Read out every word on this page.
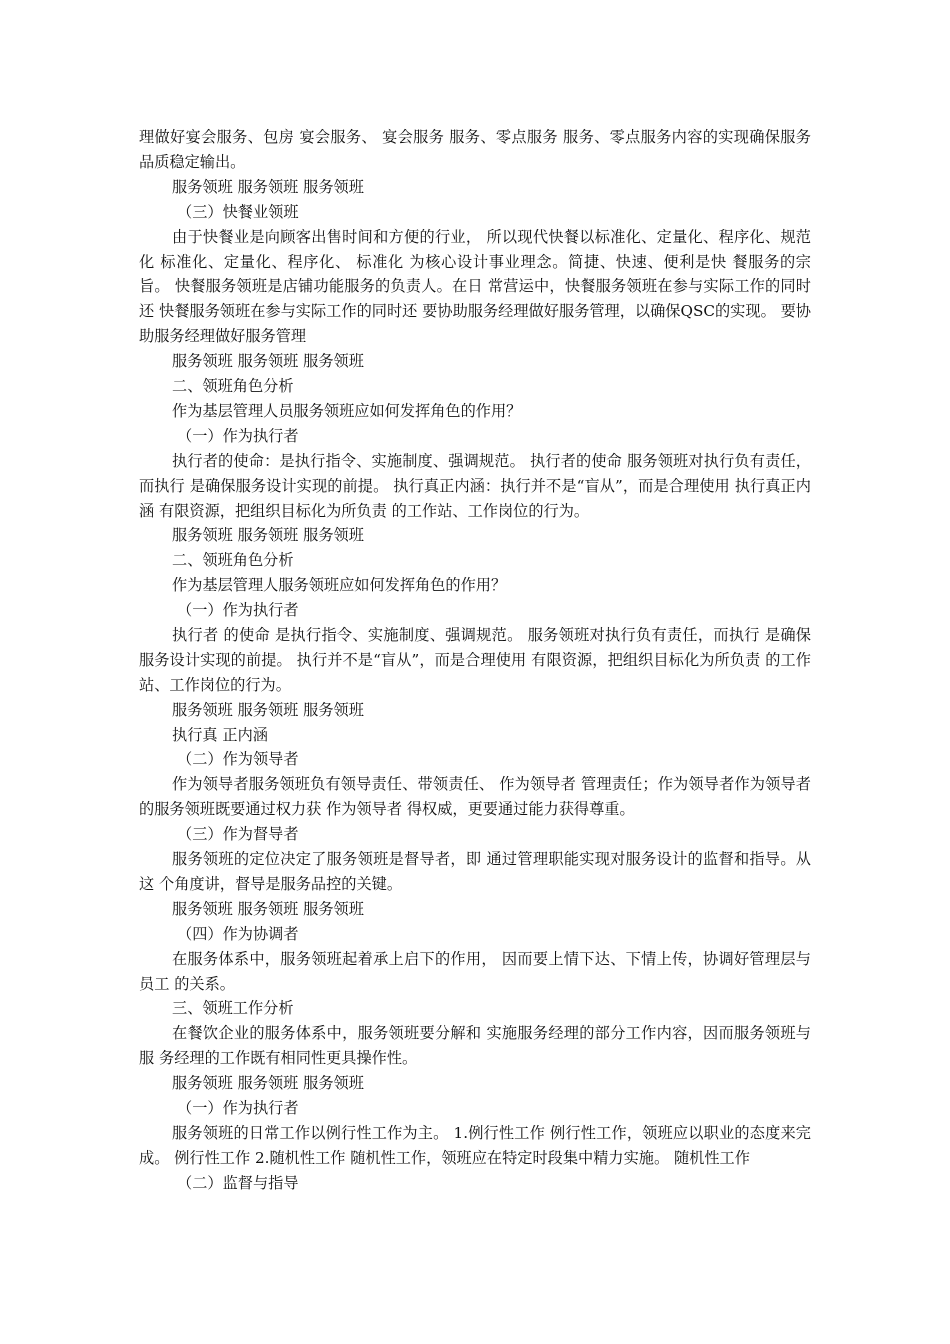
理做好宴会服务、包房 宴会服务、 宴会服务 服务、零点服务 服务、零点服务内容的实现确保服务品质稳定输出。
服务领班 服务领班 服务领班
（三）快餐业领班
由于快餐业是向顾客出售时间和方便的行业， 所以现代快餐以标准化、定量化、程序化、规范化 标准化、定量化、程序化、 标准化 为核心设计事业理念。简捷、快速、便利是快 餐服务的宗旨。 快餐服务领班是店铺功能服务的负责人。在日 常营运中，快餐服务领班在参与实际工作的同时还 快餐服务领班在参与实际工作的同时还 要协助服务经理做好服务管理，以确保QSC的实现。 要协助服务经理做好服务管理
服务领班 服务领班 服务领班
二、领班角色分析
作为基层管理人员服务领班应如何发挥角色的作用？
（一）作为执行者
执行者的使命：是执行指令、实施制度、强调规范。 执行者的使命 服务领班对执行负有责任，而执行 是确保服务设计实现的前提。 执行真正内涵：执行并不是“盲从”，而是合理使用 执行真正内涵 有限资源，把组织目标化为所负责 的工作站、工作岗位的行为。
服务领班 服务领班 服务领班
二、领班角色分析
作为基层管理人服务领班应如何发挥角色的作用？
（一）作为执行者
执行者 的使命 是执行指令、实施制度、强调规范。 服务领班对执行负有责任，而执行 是确保服务设计实现的前提。 执行并不是“盲从”，而是合理使用 有限资源，把组织目标化为所负责 的工作站、工作岗位的行为。
服务领班 服务领班 服务领班
执行真 正内涵
（二）作为领导者
作为领导者服务领班负有领导责任、带领责任、 作为领导者 管理责任；作为领导者作为领导者的服务领班既要通过权力获 作为领导者 得权威，更要通过能力获得尊重。
（三）作为督导者
服务领班的定位决定了服务领班是督导者，即 通过管理职能实现对服务设计的监督和指导。从这 个角度讲，督导是服务品控的关键。
服务领班 服务领班 服务领班
（四）作为协调者
在服务体系中，服务领班起着承上启下的作用， 因而要上情下达、下情上传，协调好管理层与员工 的关系。
三、领班工作分析
在餐饮企业的服务体系中，服务领班要分解和 实施服务经理的部分工作内容，因而服务领班与服 务经理的工作既有相同性更具操作性。
服务领班 服务领班 服务领班
（一）作为执行者
服务领班的日常工作以例行性工作为主。 1.例行性工作 例行性工作，领班应以职业的态度来完成。 例行性工作 2.随机性工作 随机性工作，领班应在特定时段集中精力实施。 随机性工作
（二）监督与指导
